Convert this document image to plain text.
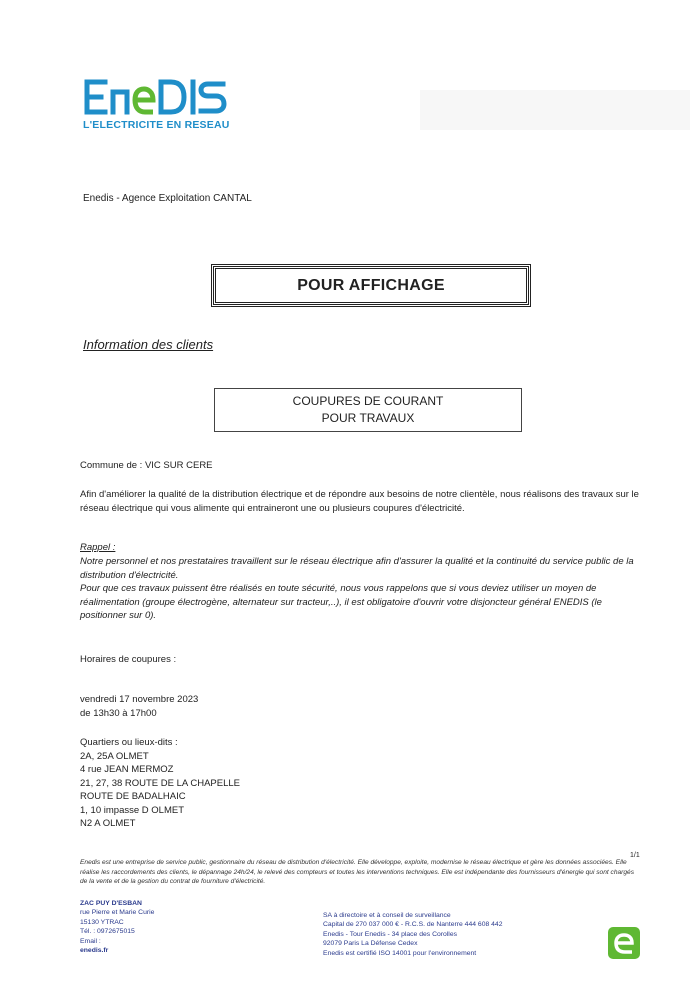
L'ELECTRICITE EN RESEAU
Enedis - Agence Exploitation CANTAL
POUR AFFICHAGE
Information des clients
COUPURES DE COURANT
POUR TRAVAUX
Commune de : VIC SUR CERE
Afin d'améliorer la qualité de la distribution électrique et de répondre aux besoins de notre clientèle, nous réalisons des travaux sur le réseau électrique qui vous alimente qui entraineront une ou plusieurs coupures d'électricité.
Rappel :
Notre personnel et nos prestataires travaillent sur le réseau électrique afin d'assurer la qualité et la continuité du service public de la distribution d'électricité.
Pour que ces travaux puissent être réalisés en toute sécurité, nous vous rappelons que si vous deviez utiliser un moyen de réalimentation (groupe électrogène, alternateur sur tracteur,..), il est obligatoire d'ouvrir votre disjoncteur général ENEDIS (le positionner sur 0).
Horaires de coupures :
vendredi 17 novembre 2023
de 13h30 à 17h00
Quartiers ou lieux-dits :
2A, 25A OLMET
4 rue JEAN MERMOZ
21, 27, 38 ROUTE DE LA CHAPELLE
ROUTE DE BADALHAIC
1, 10 impasse D OLMET
N2 A OLMET
1/1
Enedis est une entreprise de service public, gestionnaire du réseau de distribution d'électricité. Elle développe, exploite, modernise le réseau électrique et gère les données associées. Elle réalise les raccordements des clients, le dépannage 24h/24, le relevé des compteurs et toutes les interventions techniques. Elle est indépendante des fournisseurs d'énergie qui sont chargés de la vente et de la gestion du contrat de fourniture d'électricité.
ZAC PUY D'ESBAN
rue Pierre et Marie Curie
15130 YTRAC
Tél. : 0972675015
Email :
enedis.fr
SA à directoire et à conseil de surveillance
Capital de 270 037 000 € - R.C.S. de Nanterre 444 608 442
Enedis - Tour Enedis - 34 place des Corolles
92079 Paris La Défense Cedex
Enedis est certifié ISO 14001 pour l'environnement
